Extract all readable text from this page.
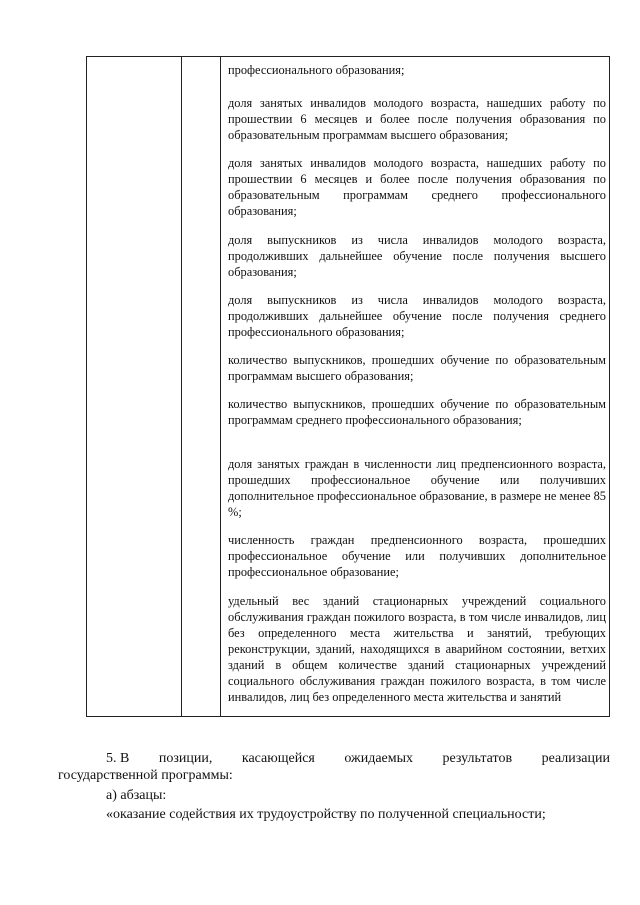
профессионального образования;
доля занятых инвалидов молодого возраста, нашедших работу по прошествии 6 месяцев и более после получения образования по образовательным программам высшего образования;
доля занятых инвалидов молодого возраста, нашедших работу по прошествии 6 месяцев и более после получения образования по образовательным программам среднего профессионального образования;
доля выпускников из числа инвалидов молодого возраста, продолживших дальнейшее обучение после получения высшего образования;
доля выпускников из числа инвалидов молодого возраста, продолживших дальнейшее обучение после получения среднего профессионального образования;
количество выпускников, прошедших обучение по образовательным программам высшего образования;
количество выпускников, прошедших обучение по образовательным программам среднего профессионального образования;
доля занятых граждан в численности лиц предпенсионного возраста, прошедших профессиональное обучение или получивших дополнительное профессиональное образование, в размере не менее 85 %;
численность граждан предпенсионного возраста, прошедших профессиональное обучение или получивших дополнительное профессиональное образование;
удельный вес зданий стационарных учреждений социального обслуживания граждан пожилого возраста, в том числе инвалидов, лиц без определенного места жительства и занятий, требующих реконструкции, зданий, находящихся в аварийном состоянии, ветхих зданий в общем количестве зданий стационарных учреждений социального обслуживания граждан пожилого возраста, в том числе инвалидов, лиц без определенного места жительства и занятий
5. В позиции, касающейся ожидаемых результатов реализации
государственной программы:
а) абзацы:
«оказание содействия их трудоустройству по полученной специальности;
